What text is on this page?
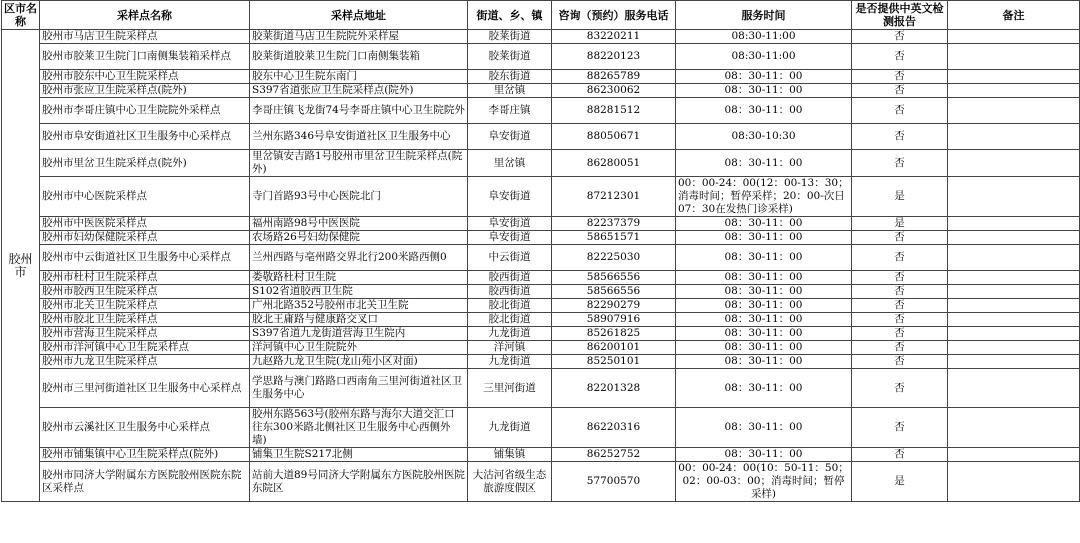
区市名称	采样点名称	采样点地址	街道、乡、镇	咨询（预约）服务电话	服务时间	是否提供中英文检测报告	备注
胶州市	胶州市马店卫生院采样点	胶莱街道马店卫生院院外采样屋	胶莱街道	83220211	08:30-11:00	否	
	胶州市胶莱卫生院门口南侧集装箱采样点	胶莱街道胶莱卫生院门口南侧集装箱	胶莱街道	88220123	08:30-11:00	否	
	胶州市胶东中心卫生院采样点	胶东中心卫生院东南门	胶东街道	88265789	08：30-11：00	否	
	胶州市张应卫生院采样点(院外)	S397省道张应卫生院采样点(院外)	里岔镇	86230062	08：30-11：00	否	
	胶州市李哥庄镇中心卫生院院外采样点	李哥庄镇飞龙街74号李哥庄镇中心卫生院院外	李哥庄镇	88281512	08：30-11：00	否	
	胶州市阜安街道社区卫生服务中心采样点	兰州东路346号阜安街道社区卫生服务中心	阜安街道	88050671	08:30-10:30	否	
	胶州市里岔卫生院采样点(院外)	里岔镇安吉路1号胶州市里岔卫生院采样点(院外)	里岔镇	86280051	08：30-11：00	否	
	胶州市中心医院采样点	寺门首路93号中心医院北门	阜安街道	87212301	00：00-24：00(12：00-13：30；消毒时间；暂停采样；20：00-次日07：30在发热门诊采样)	是	
	胶州市中医医院采样点	福州南路98号中医医院	阜安街道	82237379	08：30-11：00	是	
	胶州市妇幼保健院采样点	农场路26号妇幼保健院	阜安街道	58651571	08：30-11：00	否	
	胶州市中云街道社区卫生服务中心采样点	兰州西路与亳州路交界北行200米路西侧0	中云街道	82225030	08：30-11：00	否	
	胶州市杜村卫生院采样点	娄敬路杜村卫生院	胶西街道	58566556	08：30-11：00	否	
	胶州市胶西卫生院采样点	S102省道胶西卫生院	胶西街道	58566556	08：30-11：00	否	
	胶州市北关卫生院采样点	广州北路352号胶州市北关卫生院	胶北街道	82290279	08：30-11：00	否	
	胶州市胶北卫生院采样点	胶北王庸路与健康路交叉口	胶北街道	58907916	08：30-11：00	否	
	胶州市营海卫生院采样点	S397省道九龙街道营海卫生院内	九龙街道	85261825	08：30-11：00	否	
	胶州市洋河镇中心卫生院采样点	洋河镇中心卫生院院外	洋河镇	86200101	08：30-11：00	否	
	胶州市九龙卫生院采样点	九赵路九龙卫生院(龙山苑小区对面)	九龙街道	85250101	08：30-11：00	否	
	胶州市三里河街道社区卫生服务中心采样点	学思路与澳门路路口西南角三里河街道社区卫生服务中心	三里河街道	82201328	08：30-11：00	否	
	胶州市云溪社区卫生服务中心采样点	胶州东路563号(胶州东路与海尔大道交汇口往东300米路北侧社区卫生服务中心西侧外墙)	九龙街道	86220316	08：30-11：00	否	
	胶州市铺集镇中心卫生院采样点(院外)	铺集卫生院S217北侧	铺集镇	86252752	08：30-11：00	否	
	胶州市同济大学附属东方医院胶州医院东院区采样点	站前大道89号同济大学附属东方医院胶州医院东院区	大沽河省级生态旅游度假区	57700570	00：00-24：00(10：50-11：50；02：00-03：00；消毒时间；暂停采样)	是	
